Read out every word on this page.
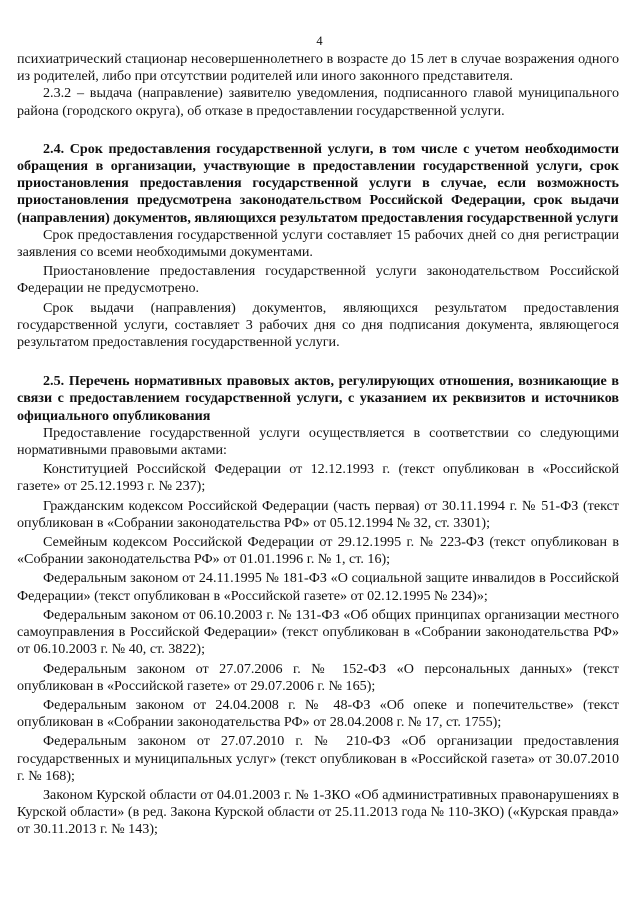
4

психиатрический стационар несовершеннолетнего в возрасте до 15 лет в случае возражения одного из родителей, либо при отсутствии родителей или иного законного представителя.

2.3.2 – выдача (направление) заявителю уведомления, подписанного главой муниципального района (городского округа), об отказе в предоставлении государственной услуги.

2.4. Срок предоставления государственной услуги, в том числе с учетом необходимости обращения в организации, участвующие в предоставлении государственной услуги, срок приостановления предоставления государственной услуги в случае, если возможность приостановления предусмотрена законодательством Российской Федерации, срок выдачи (направления) документов, являющихся результатом предоставления государственной услуги

Срок предоставления государственной услуги составляет 15 рабочих дней со дня регистрации заявления со всеми необходимыми документами.

Приостановление предоставления государственной услуги законодательством Российской Федерации не предусмотрено.

Срок выдачи (направления) документов, являющихся результатом предоставления государственной услуги, составляет 3 рабочих дня со дня подписания документа, являющегося результатом предоставления государственной услуги.

2.5. Перечень нормативных правовых актов, регулирующих отношения, возникающие в связи с предоставлением государственной услуги, с указанием их реквизитов и источников официального опубликования

Предоставление государственной услуги осуществляется в соответствии со следующими нормативными правовыми актами:

Конституцией Российской Федерации от 12.12.1993 г. (текст опубликован в «Российской газете» от 25.12.1993 г. № 237);

Гражданским кодексом Российской Федерации (часть первая) от 30.11.1994 г. № 51-ФЗ (текст опубликован в «Собрании законодательства РФ» от 05.12.1994 № 32, ст. 3301);

Семейным кодексом Российской Федерации от 29.12.1995 г. № 223-ФЗ (текст опубликован в «Собрании законодательства РФ» от 01.01.1996 г. № 1, ст. 16);

Федеральным законом от 24.11.1995 № 181-ФЗ «О социальной защите инвалидов в Российской Федерации» (текст опубликован в «Российской газете» от 02.12.1995 № 234)»;

Федеральным законом от 06.10.2003 г. № 131-ФЗ «Об общих принципах организации местного самоуправления в Российской Федерации» (текст опубликован в «Собрании законодательства РФ» от 06.10.2003 г. № 40, ст. 3822);

Федеральным законом от 27.07.2006 г. № 152-ФЗ «О персональных данных» (текст опубликован в «Российской газете» от 29.07.2006 г. № 165);

Федеральным законом от 24.04.2008 г. № 48-ФЗ «Об опеке и попечительстве» (текст опубликован в «Собрании законодательства РФ» от 28.04.2008 г. № 17, ст. 1755);

Федеральным законом от 27.07.2010 г. № 210-ФЗ «Об организации предоставления государственных и муниципальных услуг» (текст опубликован в «Российской газета» от 30.07.2010 г. № 168);

Законом Курской области от 04.01.2003 г. № 1-ЗКО «Об административных правонарушениях в Курской области» (в ред. Закона Курской области от 25.11.2013 года № 110-ЗКО) («Курская правда» от 30.11.2013 г. № 143);
